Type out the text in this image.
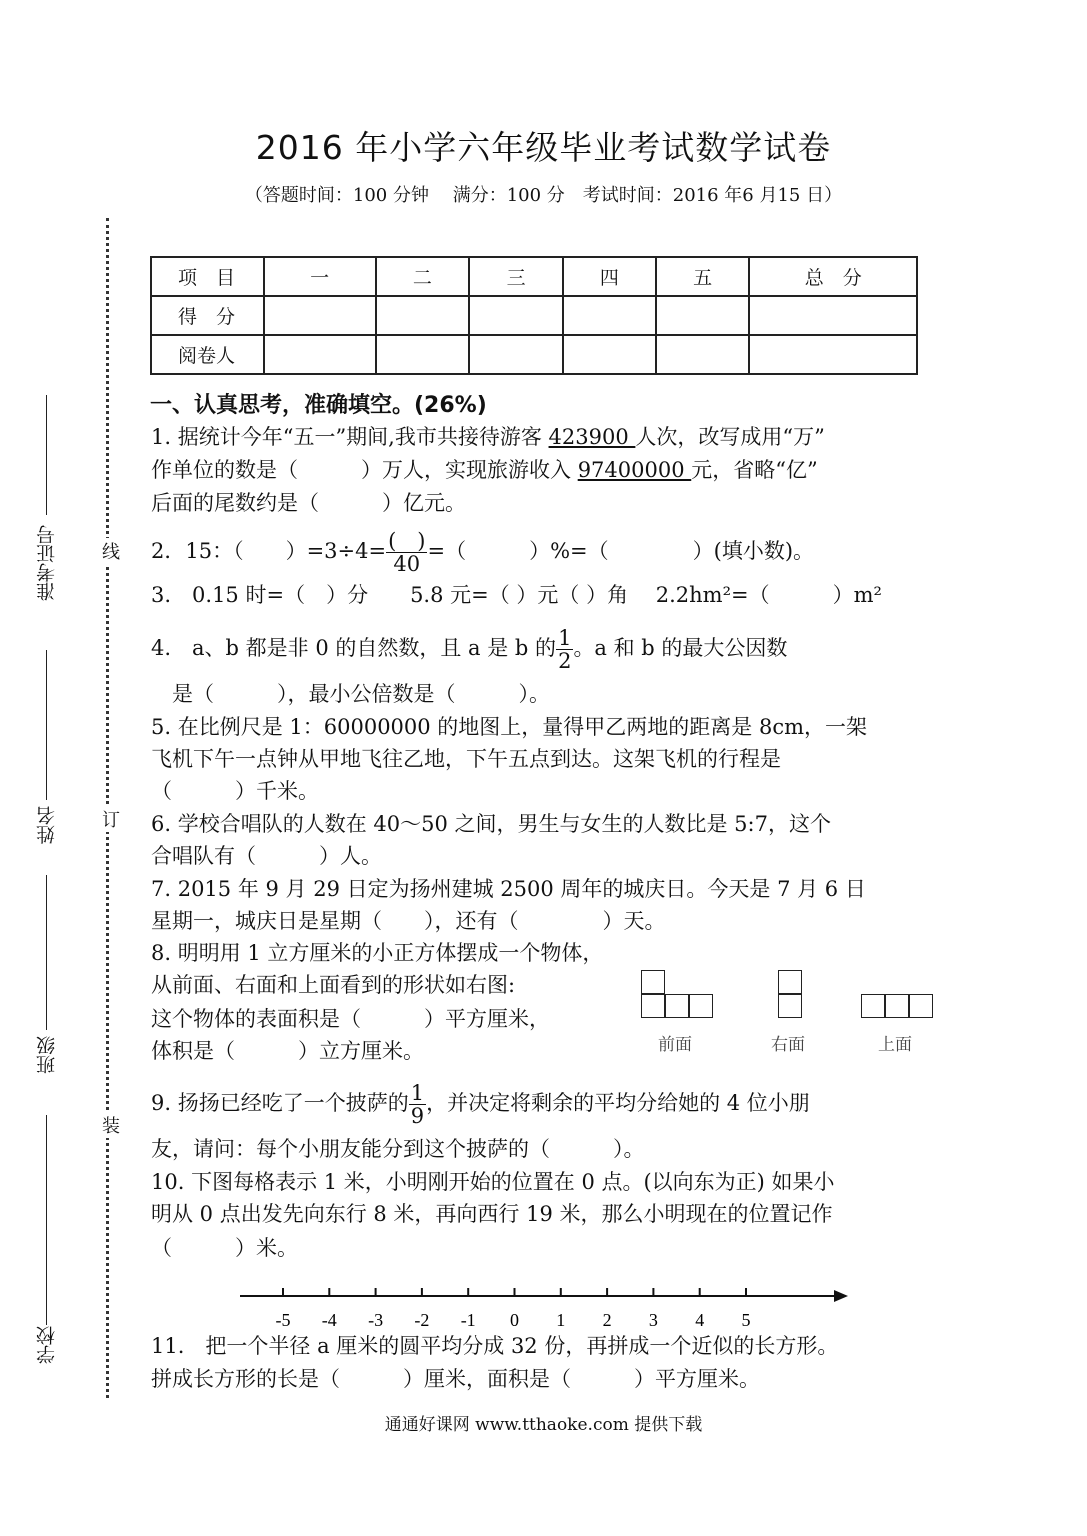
准考证号
姓名
班级
学校
线
订
装
2016 年小学六年级毕业考试数学试卷
（答题时间：100 分钟　 满分：100 分　考试时间：2016 年6 月15 日）
项　目	一	二	三	四	五	总　分
得　分						
阅卷人						
一、认真思考，准确填空。(26%)
1. 据统计今年“五一”期间,我市共接待游客 423900 人次，改写成用“万”
作单位的数是（　　　）万人，实现旅游收入 97400000 元，省略“亿”
后面的尾数约是（　　　）亿元。
2．15：（　　）$=3\div 4= \frac{( )}{40}$ =（　　　）%=（　　　　）(填小数)。
3.　0.15 时=（　）分　　5.8 元=（ ）元（ ）角　 2.2hm²=（　　　）m²
4.　a、b 都是非 0 的自然数，且 a 是 b 的 $\frac{1}{2}$ 。a 和 b 的最大公因数
　是（　　　），最小公倍数是（　　　）。
5. 在比例尺是 1：60000000 的地图上，量得甲乙两地的距离是 8cm，一架
飞机下午一点钟从甲地飞往乙地，下午五点到达。这架飞机的行程是
（　　　）千米。
6. 学校合唱队的人数在 40～50 之间，男生与女生的人数比是 5:7，这个
合唱队有（　　　）人。
7. 2015 年 9 月 29 日定为扬州建城 2500 周年的城庆日。今天是 7 月 6 日
星期一，城庆日是星期（　　），还有（　　　　）天。
8. 明明用 1 立方厘米的小正方体摆成一个物体，
从前面、右面和上面看到的形状如右图:
这个物体的表面积是（　　　）平方厘米，
体积是（　　　）立方厘米。	前面	右面	上面
9. 扬扬已经吃了一个披萨的 $\frac{1}{9}$ ，并决定将剩余的平均分给她的 4 位小朋
友，请问：每个小朋友能分到这个披萨的（　　　）。
10. 下图每格表示 1 米，小明刚开始的位置在 0 点。(以向东为正) 如果小
明从 0 点出发先向东行 8 米，再向西行 19 米，那么小明现在的位置记作
（　　　）米。
-5 -4 -3 -2 -1 0 1 2 3 4 5
11.　把一个半径 a 厘米的圆平均分成 32 份，再拼成一个近似的长方形。
拼成长方形的长是（　　　）厘米，面积是（　　　）平方厘米。
通通好课网 www.tthaoke.com 提供下载
